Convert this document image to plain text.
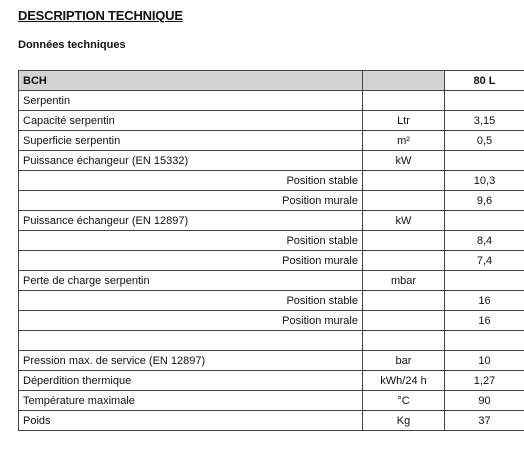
DESCRIPTION TECHNIQUE
Données techniques
BCH		80 L
Serpentin		
Capacité serpentin	Ltr	3,15
Superficie serpentin	m²	0,5
Puissance échangeur (EN 15332)	kW	
Position stable		10,3
Position murale		9,6
Puissance échangeur (EN 12897)	kW	
Position stable		8,4
Position murale		7,4
Perte de charge serpentin	mbar	
Position stable		16
Position murale		16

Pression max. de service (EN 12897)	bar	10
Déperdition thermique	kWh/24 h	1,27
Température maximale	°C	90
Poids	Kg	37
